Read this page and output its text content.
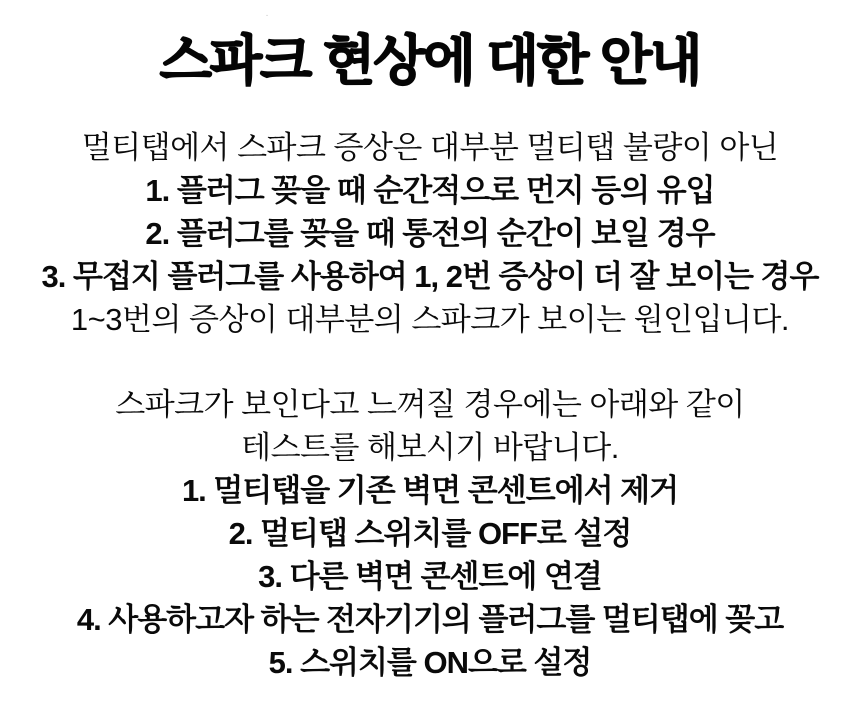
·
스파크 현상에 대한 안내

멀티탭에서 스파크 증상은 대부분 멀티탭 불량이 아닌

1. 플러그 꽂을 때 순간적으로 먼지 등의 유입

2. 플러그를 꽂을 때 통전의 순간이 보일 경우

3. 무접지 플러그를 사용하여 1, 2번 증상이 더 잘 보이는 경우

1~3번의 증상이 대부분의 스파크가 보이는 원인입니다.

스파크가 보인다고 느껴질 경우에는 아래와 같이

테스트를 해보시기 바랍니다.

1. 멀티탭을 기존 벽면 콘센트에서 제거

2. 멀티탭 스위치를 OFF로 설정

3. 다른 벽면 콘센트에 연결

4. 사용하고자 하는 전자기기의 플러그를 멀티탭에 꽂고

5. 스위치를 ON으로 설정
